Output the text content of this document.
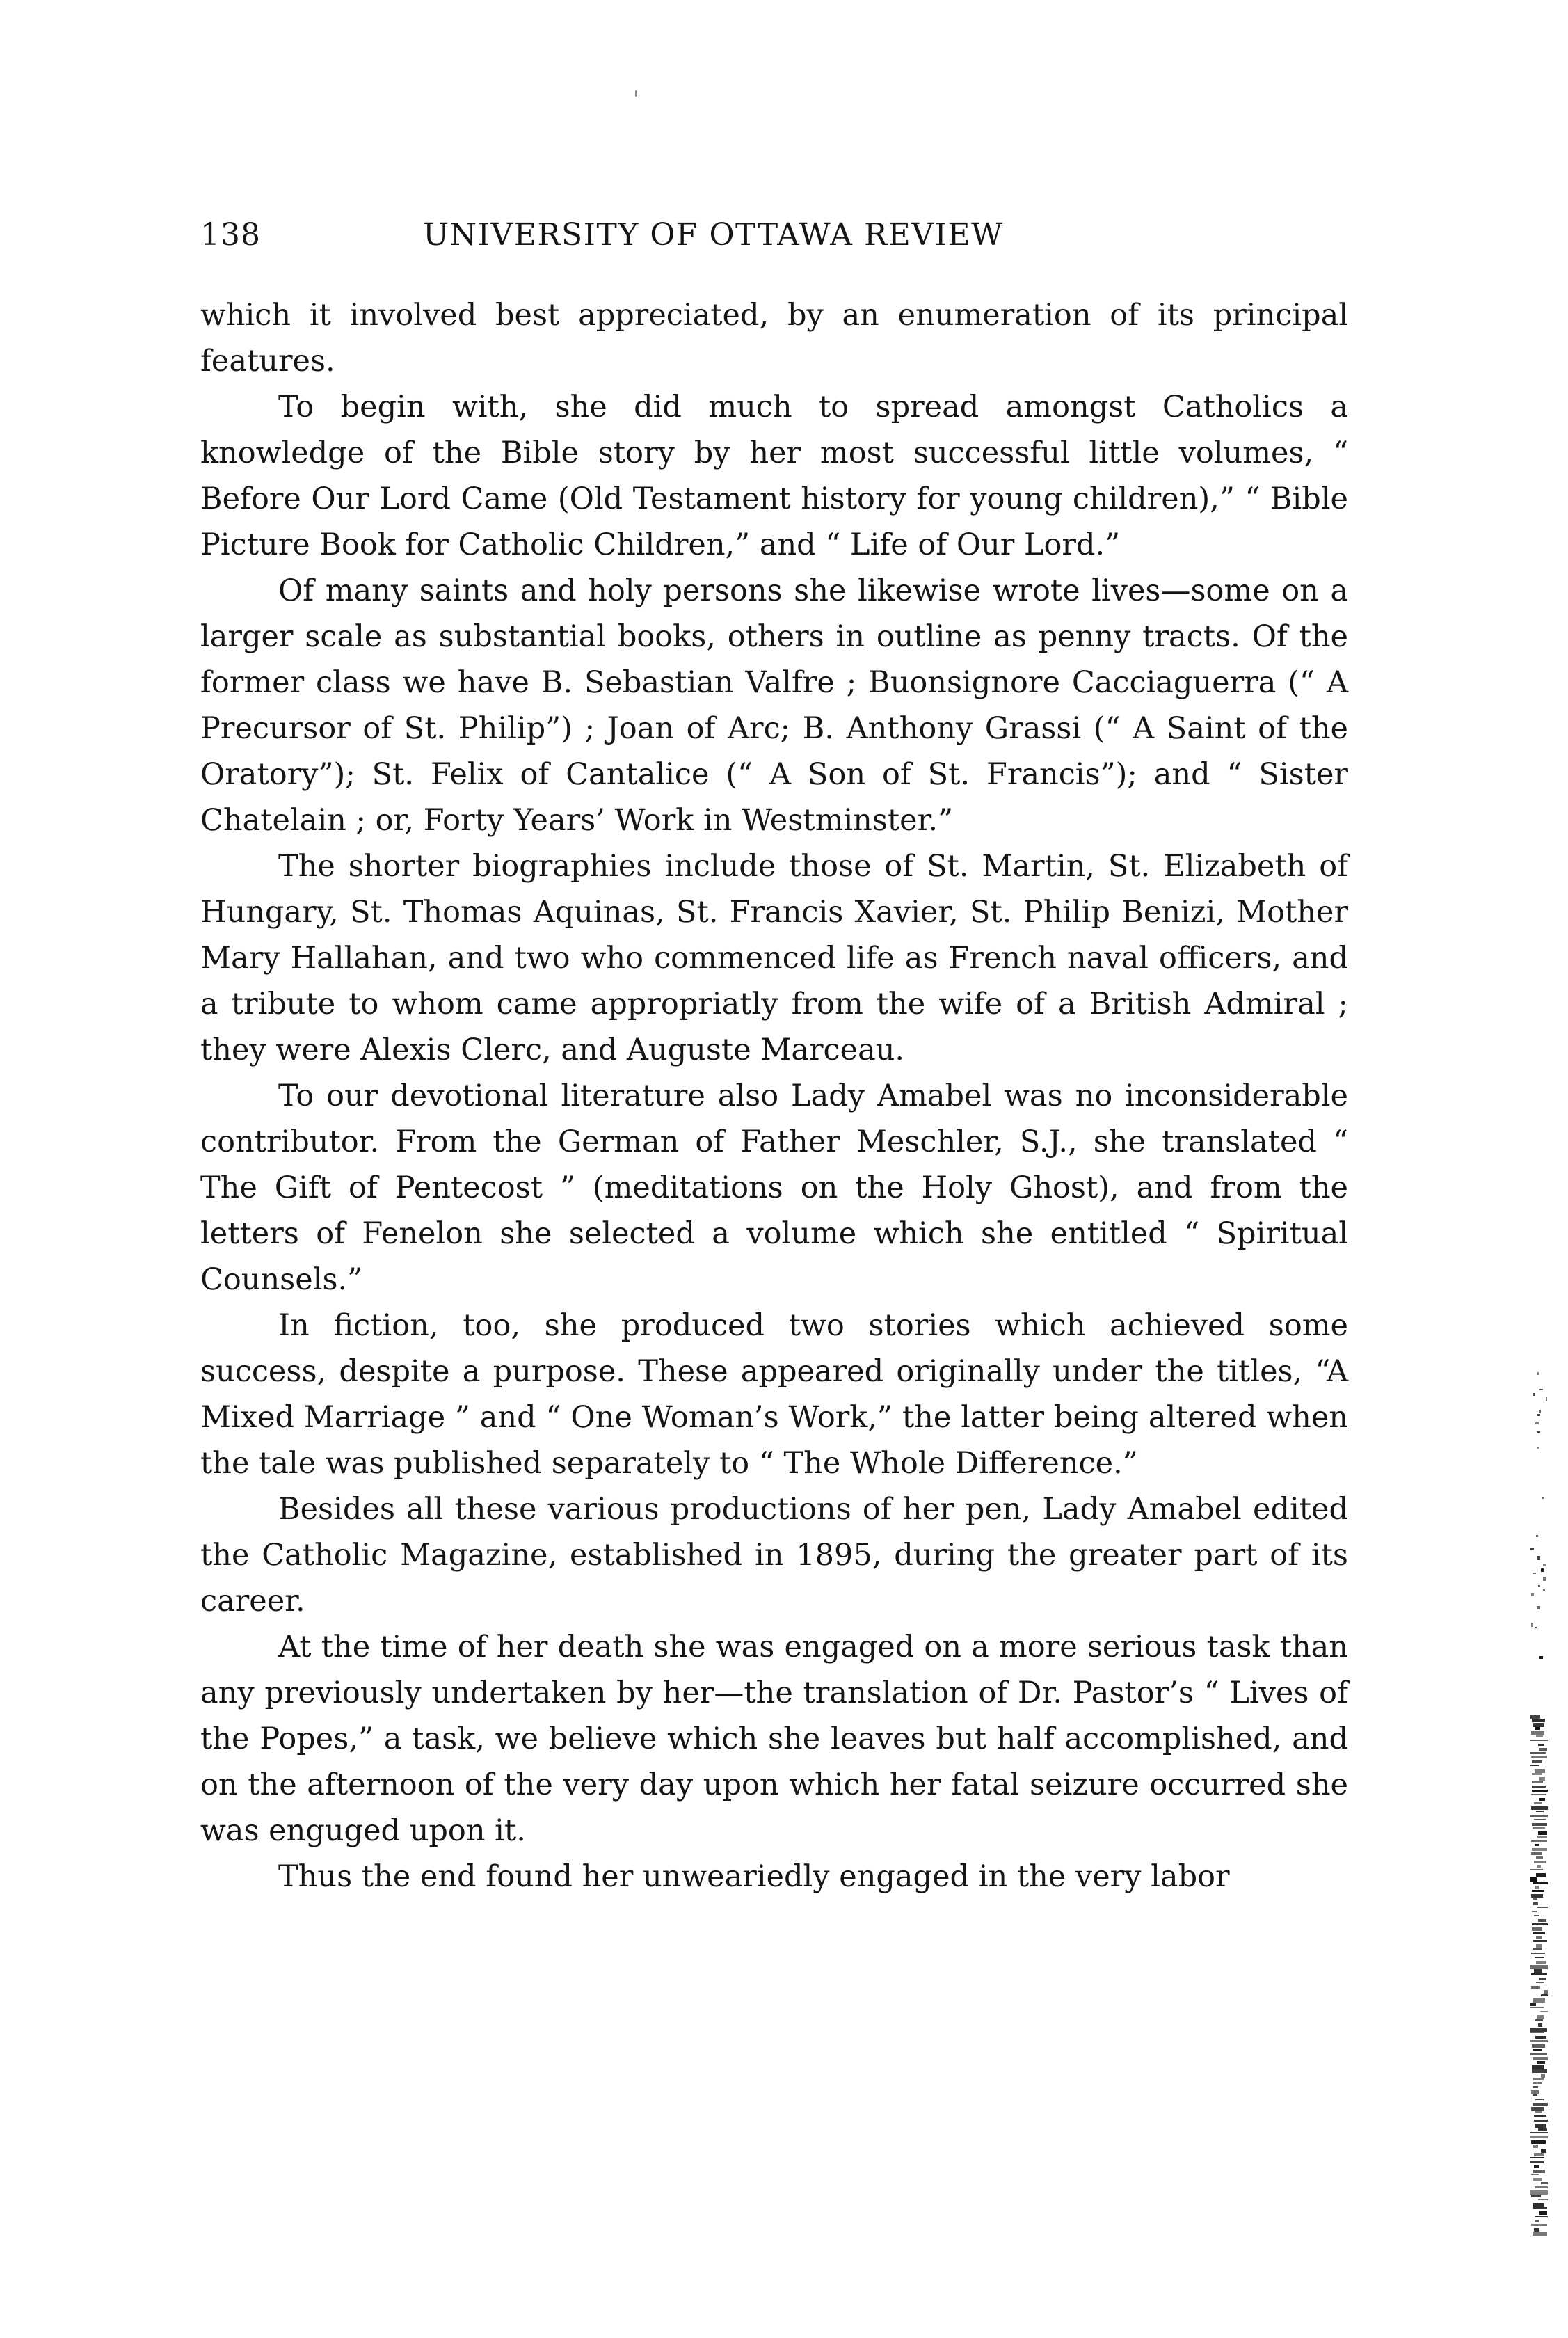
138	UNIVERSITY OF OTTAWA REVIEW

which it involved best appreciated, by an enumeration of its principal features.

To begin with, she did much to spread amongst Catholics a knowledge of the Bible story by her most successful little volumes, “ Before Our Lord Came (Old Testament history for young children),” “ Bible Picture Book for Catholic Children,” and “ Life of Our Lord.”

Of many saints and holy persons she likewise wrote lives—some on a larger scale as substantial books, others in outline as penny tracts. Of the former class we have B. Sebastian Valfre ; Buonsignore Cacciaguerra (“ A Precursor of St. Philip”) ; Joan of Arc; B. Anthony Grassi (“ A Saint of the Oratory”); St. Felix of Cantalice (“ A Son of St. Francis”); and “ Sister Chatelain ; or, Forty Years’ Work in Westminster.”

The shorter biographies include those of St. Martin, St. Elizabeth of Hungary, St. Thomas Aquinas, St. Francis Xavier, St. Philip Benizi, Mother Mary Hallahan, and two who commenced life as French naval officers, and a tribute to whom came appropriatly from the wife of a British Admiral ; they were Alexis Clerc, and Auguste Marceau.

To our devotional literature also Lady Amabel was no inconsiderable contributor. From the German of Father Meschler, S.J., she translated “ The Gift of Pentecost ” (meditations on the Holy Ghost), and from the letters of Fenelon she selected a volume which she entitled “ Spiritual Counsels.”

In fiction, too, she produced two stories which achieved some success, despite a purpose. These appeared originally under the titles, “A Mixed Marriage ” and “ One Woman’s Work,” the latter being altered when the tale was published separately to “ The Whole Difference.”

Besides all these various productions of her pen, Lady Amabel edited the Catholic Magazine, established in 1895, during the greater part of its career.

At the time of her death she was engaged on a more serious task than any previously undertaken by her—the translation of Dr. Pastor’s “ Lives of the Popes,” a task, we believe which she leaves but half accomplished, and on the afternoon of the very day upon which her fatal seizure occurred she was enguged upon it.

Thus the end found her unweariedly engaged in the very labor
